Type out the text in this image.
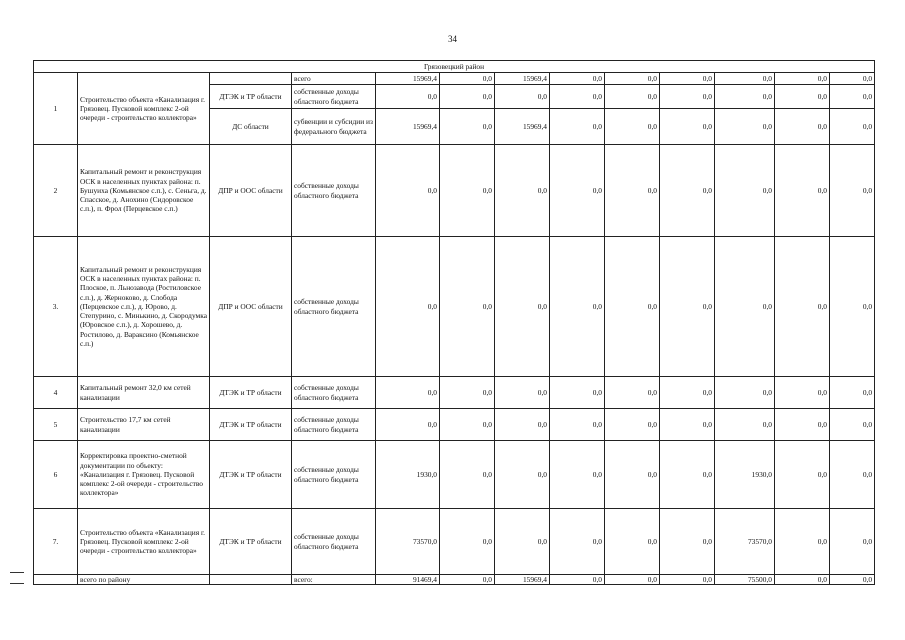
34
Грязовецкий район												
1	Строительство объекта «Канализация г. Грязовец. Пусковой комплекс 2-ой очереди - строительство коллектора»		всего	15969,4	0,0	15969,4	0,0	0,0	0,0	0,0	0,0	0,0
		ДТЭК и ТР области	собственные доходы областного бюджета	0,0	0,0	0,0	0,0	0,0	0,0	0,0	0,0	0,0
		ДС области	субвенции и субсидии из федерального бюджета	15969,4	0,0	15969,4	0,0	0,0	0,0	0,0	0,0	0,0
2	Капитальный ремонт и реконструкция ОСК в населенных пунктах района: п. Бушуиха (Комьянское с.п.), с. Сеньга, д. Спасское, д. Анохино (Сидоровское с.п.), п. Фрол (Перцевское с.п.)	ДПР и ООС области	собственные доходы областного бюджета	0,0	0,0	0,0	0,0	0,0	0,0	0,0	0,0	0,0
3.	Капитальный ремонт и реконструкция ОСК в населенных пунктах района: п. Плоское, п. Льнозавода (Ростиловское с.п.), д. Жерноково, д. Слобода (Перцевское с.п.), д. Юрово, д. Степурино, с. Минькино, д. Скородумка (Юровское с.п.), д. Хорошево, д. Ростилово, д. Вараксино (Комьянское с.п.)	ДПР и ООС области	собственные доходы областного бюджета	0,0	0,0	0,0	0,0	0,0	0,0	0,0	0,0	0,0
4	Капитальный ремонт 32,0 км сетей канализации	ДТЭК и ТР области	собственные доходы областного бюджета	0,0	0,0	0,0	0,0	0,0	0,0	0,0	0,0	0,0
5	Строительство 17,7 км сетей канализации	ДТЭК и ТР области	собственные доходы областного бюджета	0,0	0,0	0,0	0,0	0,0	0,0	0,0	0,0	0,0
6	Корректировка проектно-сметной документации по объекту: «Канализация г. Грязовец. Пусковой комплекс 2-ой очереди - строительство коллектора»	ДТЭК и ТР области	собственные доходы областного бюджета	1930,0	0,0	0,0	0,0	0,0	0,0	1930,0	0,0	0,0
7.	Строительство объекта «Канализация г. Грязовец. Пусковой комплекс 2-ой очереди - строительство коллектора»	ДТЭК и ТР области	собственные доходы областного бюджета	73570,0	0,0	0,0	0,0	0,0	0,0	73570,0	0,0	0,0
	всего по району		всего:	91469,4	0,0	15969,4	0,0	0,0	0,0	75500,0	0,0	0,0
